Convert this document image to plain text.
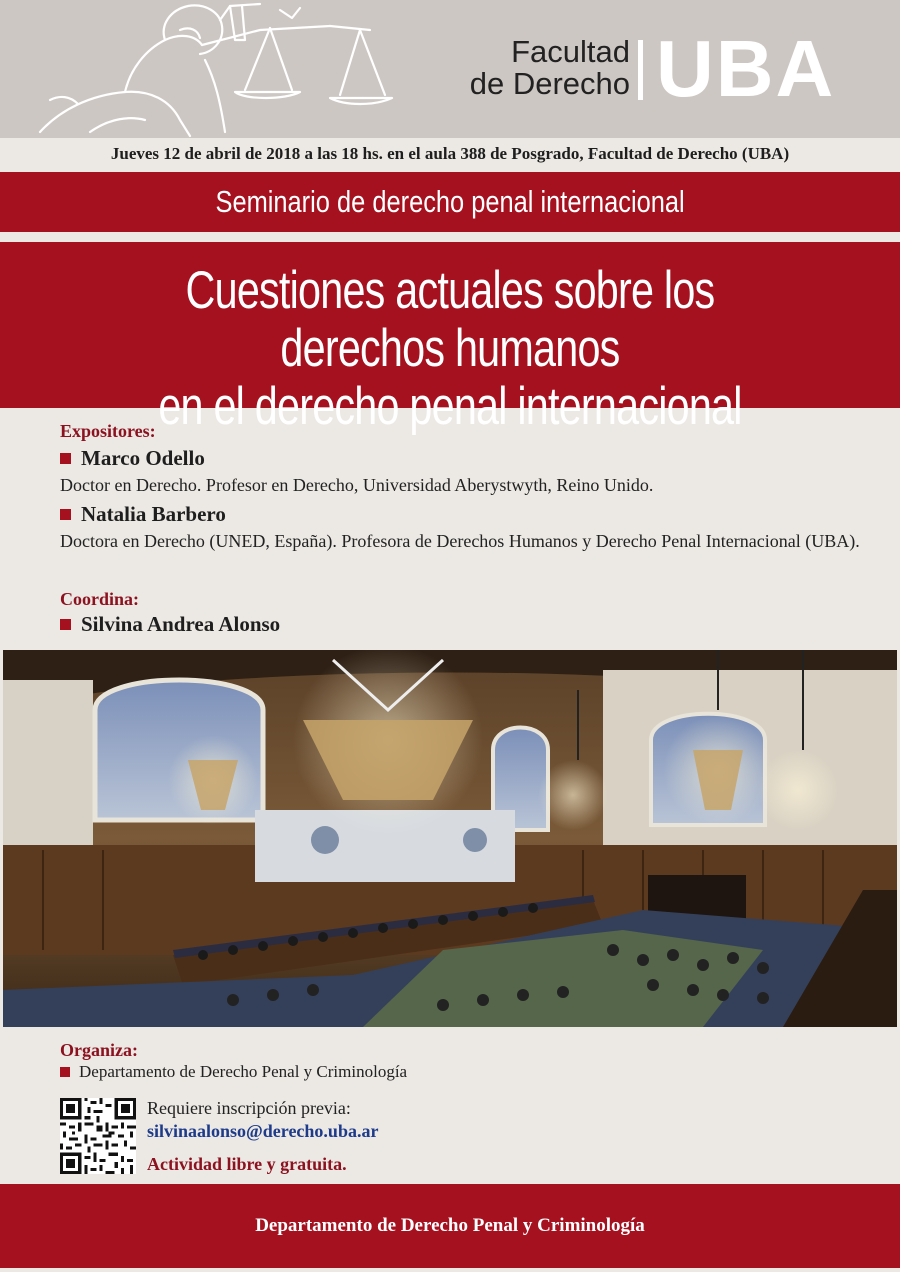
Facultad
de Derecho UBA
Jueves 12 de abril de 2018 a las 18 hs. en el aula 388 de Posgrado, Facultad de Derecho (UBA)
Seminario de derecho penal internacional
Cuestiones actuales sobre los derechos humanos
en el derecho penal internacional
Expositores:
Marco Odello
Doctor en Derecho. Profesor en Derecho, Universidad Aberystwyth, Reino Unido.
Natalia Barbero
Doctora en Derecho (UNED, España). Profesora de Derechos Humanos y Derecho Penal Internacional (UBA).
Coordina:
Silvina Andrea Alonso
Organiza:
Departamento de Derecho Penal y Criminología
Requiere inscripción previa:
silvinaalonso@derecho.uba.ar
Actividad libre y gratuita.
Departamento de Derecho Penal y Criminología
